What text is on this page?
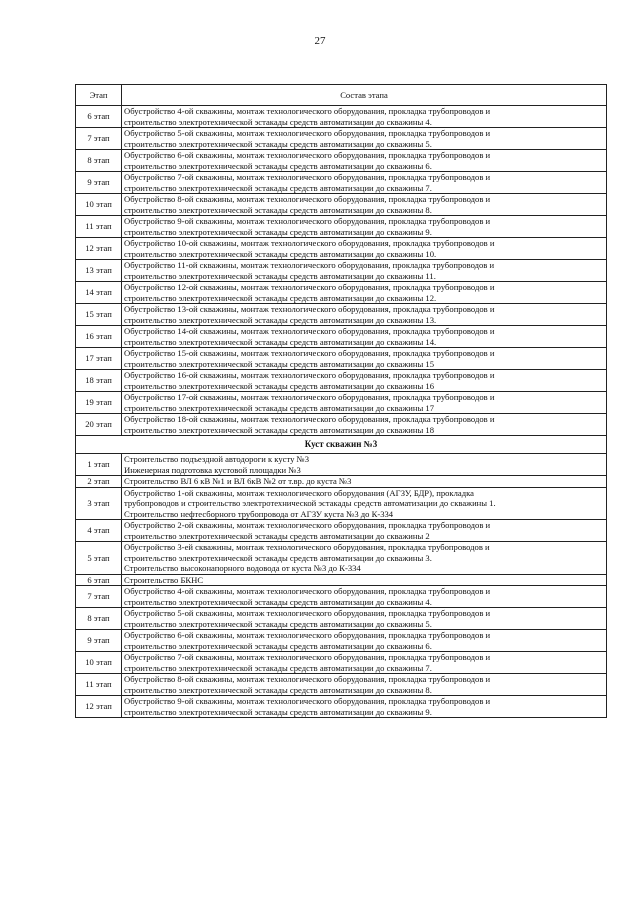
27
Этап	Состав этапа
6 этап	Обустройство 4-ой скважины, монтаж технологического оборудования, прокладка трубопроводов и
строительство электротехнической эстакады средств автоматизации до скважины 4.

7 этап	Обустройство 5-ой скважины, монтаж технологического оборудования, прокладка трубопроводов и
строительство электротехнической эстакады средств автоматизации до скважины 5.

8 этап	Обустройство 6-ой скважины, монтаж технологического оборудования, прокладка трубопроводов и
строительство электротехнической эстакады средств автоматизации до скважины 6.

9 этап	Обустройство 7-ой скважины, монтаж технологического оборудования, прокладка трубопроводов и
строительство электротехнической эстакады средств автоматизации до скважины 7.

10 этап	Обустройство 8-ой скважины, монтаж технологического оборудования, прокладка трубопроводов и
строительство электротехнической эстакады средств автоматизации до скважины 8.

11 этап	Обустройство 9-ой скважины, монтаж технологического оборудования, прокладка трубопроводов и
строительство электротехнической эстакады средств автоматизации до скважины 9.

12 этап	Обустройство 10-ой скважины, монтаж технологического оборудования, прокладка трубопроводов и
строительство электротехнической эстакады средств автоматизации до скважины 10.

13 этап	Обустройство 11-ой скважины, монтаж технологического оборудования, прокладка трубопроводов и
строительство электротехнической эстакады средств автоматизации до скважины 11.

14 этап	Обустройство 12-ой скважины, монтаж технологического оборудования, прокладка трубопроводов и
строительство электротехнической эстакады средств автоматизации до скважины 12.

15 этап	Обустройство 13-ой скважины, монтаж технологического оборудования, прокладка трубопроводов и
строительство электротехнической эстакады средств автоматизации до скважины 13.

16 этап	Обустройство 14-ой скважины, монтаж технологического оборудования, прокладка трубопроводов и
строительство электротехнической эстакады средств автоматизации до скважины 14.

17 этап	Обустройство 15-ой скважины, монтаж технологического оборудования, прокладка трубопроводов и
строительство электротехнической эстакады средств автоматизации до скважины 15

18 этап	Обустройство 16-ой скважины, монтаж технологического оборудования, прокладка трубопроводов и
строительство электротехнической эстакады средств автоматизации до скважины 16

19 этап	Обустройство 17-ой скважины, монтаж технологического оборудования, прокладка трубопроводов и
строительство электротехнической эстакады средств автоматизации до скважины 17

20 этап	Обустройство 18-ой скважины, монтаж технологического оборудования, прокладка трубопроводов и
строительство электротехнической эстакады средств автоматизации до скважины 18

Куст скважин №3	
1 этап	Строительство подъездной автодороги к кусту №3
Инженерная подготовка кустовой площадки №3

2 этап	Строительство ВЛ 6 кВ №1 и ВЛ 6кВ №2 от т.вр. до куста №3

3 этап	Обустройство 1-ой скважины, монтаж технологического оборудования (АГЗУ, БДР), прокладка
трубопроводов и строительство электротехнической эстакады средств автоматизации до скважины 1.
Строительство нефтесборного трубопровода от АГЗУ куста №3 до К-334

4 этап	Обустройство 2-ой скважины, монтаж технологического оборудования, прокладка трубопроводов и
строительство электротехнической эстакады средств автоматизации до скважины 2

5 этап	Обустройство 3-ей скважины, монтаж технологического оборудования, прокладка трубопроводов и
строительство электротехнической эстакады средств автоматизации до скважины 3.
Строительство высоконапорного водовода от куста №3 до К-334

6 этап	Строительство БКНС

7 этап	Обустройство 4-ой скважины, монтаж технологического оборудования, прокладка трубопроводов и
строительство электротехнической эстакады средств автоматизации до скважины 4.

8 этап	Обустройство 5-ой скважины, монтаж технологического оборудования, прокладка трубопроводов и
строительство электротехнической эстакады средств автоматизации до скважины 5.

9 этап	Обустройство 6-ой скважины, монтаж технологического оборудования, прокладка трубопроводов и
строительство электротехнической эстакады средств автоматизации до скважины 6.

10 этап	Обустройство 7-ой скважины, монтаж технологического оборудования, прокладка трубопроводов и
строительство электротехнической эстакады средств автоматизации до скважины 7.

11 этап	Обустройство 8-ой скважины, монтаж технологического оборудования, прокладка трубопроводов и
строительство электротехнической эстакады средств автоматизации до скважины 8.

12 этап	Обустройство 9-ой скважины, монтаж технологического оборудования, прокладка трубопроводов и
строительство электротехнической эстакады средств автоматизации до скважины 9.
